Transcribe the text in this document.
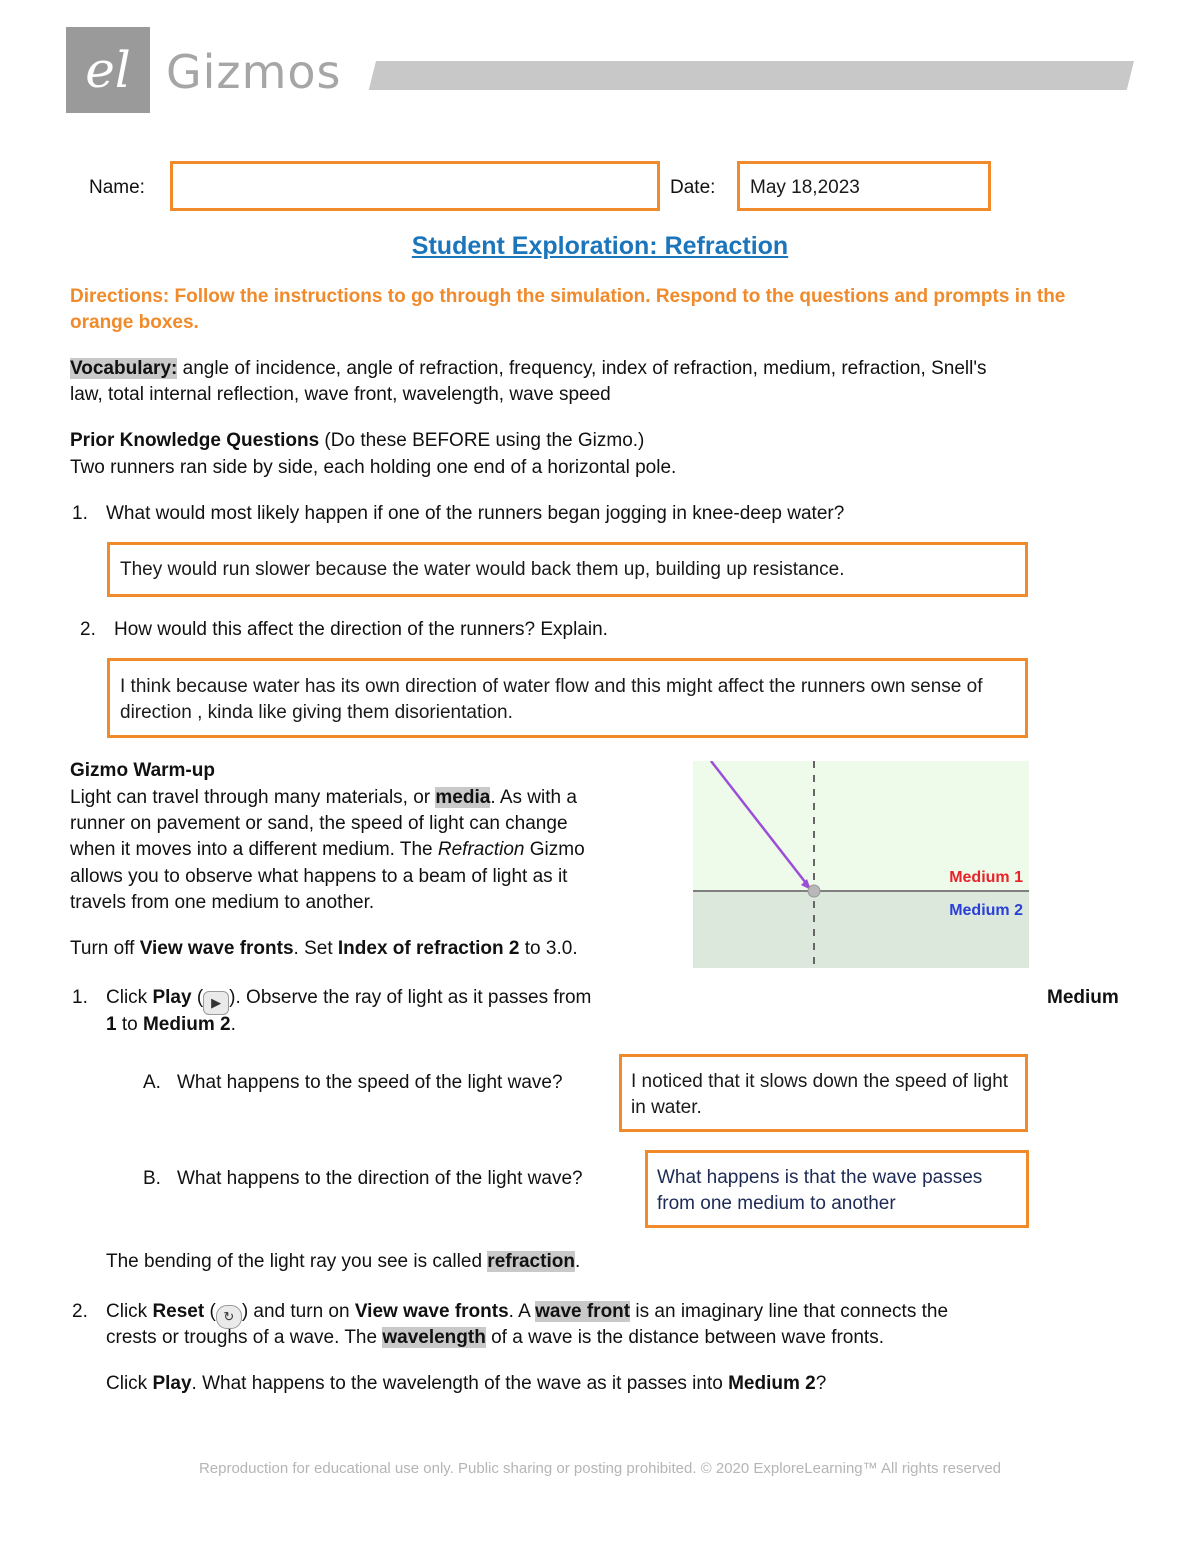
el Gizmos
Name:	Date: May 18,2023
Student Exploration: Refraction
Directions: Follow the instructions to go through the simulation. Respond to the questions and prompts in the orange boxes.
Vocabulary: angle of incidence, angle of refraction, frequency, index of refraction, medium, refraction, Snell's
law, total internal reflection, wave front, wavelength, wave speed
Prior Knowledge Questions (Do these BEFORE using the Gizmo.)
Two runners ran side by side, each holding one end of a horizontal pole.
1. What would most likely happen if one of the runners began jogging in knee-deep water?
They would run slower because the water would back them up, building up resistance.
2. How would this affect the direction of the runners? Explain.
I think because water has its own direction of water flow and this might affect the runners own sense of direction , kinda like giving them disorientation.
Gizmo Warm-up
Light can travel through many materials, or media. As with a
runner on pavement or sand, the speed of light can change
when it moves into a different medium. The Refraction Gizmo
allows you to observe what happens to a beam of light as it
travels from one medium to another.
Turn off View wave fronts. Set Index of refraction 2 to 3.0.
Medium 1
Medium 2
1. Click Play ( ▶ ). Observe the ray of light as it passes from	Medium
1 to Medium 2.
A. What happens to the speed of the light wave?	I noticed that it slows down the speed of light in water.
B. What happens to the direction of the light wave?	What happens is that the wave passes from one medium to another
The bending of the light ray you see is called refraction.
2. Click Reset ( ↻ ) and turn on View wave fronts. A wave front is an imaginary line that connects the
crests or troughs of a wave. The wavelength of a wave is the distance between wave fronts.
Click Play. What happens to the wavelength of the wave as it passes into Medium 2?
Reproduction for educational use only. Public sharing or posting prohibited. © 2020 ExploreLearning™ All rights reserved
